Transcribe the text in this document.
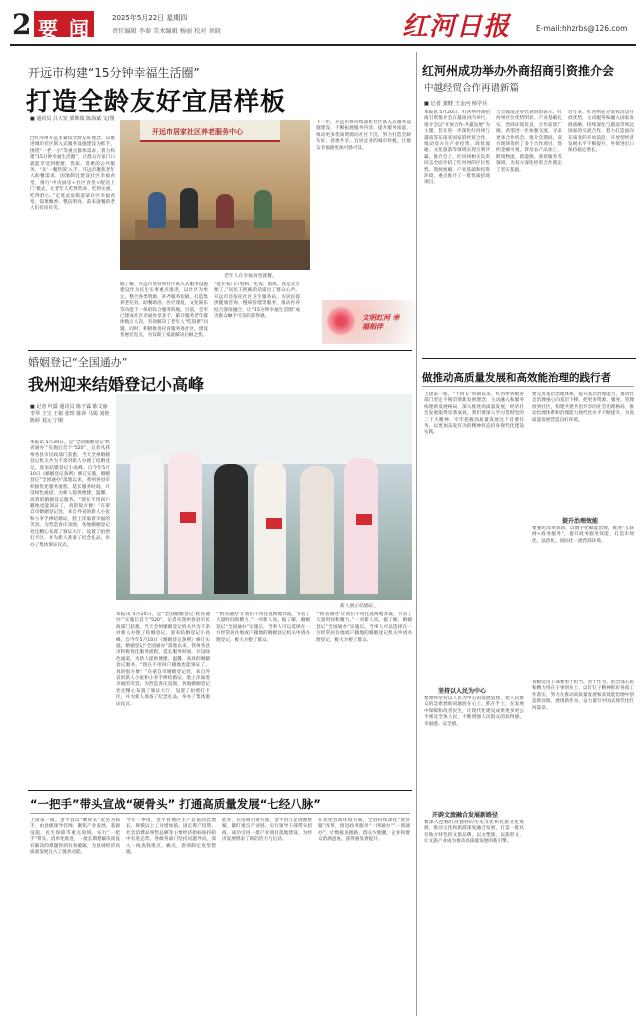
2 要 闻	2025年5月22日 星期四
责任编辑 李秦 美术编辑 杨丽 校对 刘晓	红河日报	E-mail:hhzrbs@126.com
开远市构建“15分钟幸福生活圈”
打造全龄友好宜居样板
■ 通讯员 吕大发 郭斯瑞 陈海斌 文/图
□红河州开远市紧扣全龄友好理念，以推进城市社区嵌入式服务设施建设为抓手，围绕“一老一小”等重点群体需求，着力构建“15分钟幸福生活圈”，让群众在家门口就能享受到便捷、优质、普惠的公共服务。“从‘一餐热饭’入手，开远市聚焦老年人助餐需求，因地制宜建设社区幸福食堂，推行‘中央厨房+社区食堂+配送上门’模式，让老年人吃得营养、吃得实惠、吃得舒心。”走进灵泉街道某社区幸福食堂，饭菜飘香、整洁明亮，前来就餐的老人们有说有笑。
开远市居家社区养老服务中心
老年人在幸福食堂就餐。
据了解，开远市坚持将社区嵌入式服务设施建设作为民生实事重点推进，以社区为单元，整合各类资源，补齐服务短板，打造集养老托育、助餐助浴、医疗康复、文化娱乐等功能于一体的综合服务阵地。目前，全市已建成社区幸福食堂多个，累计服务老年群体数万人次，有效解决了老年人“吃饭难”问题。同时，积极推进托育服务进社区，建设普惠托育点，为双职工家庭解决后顾之忧。
“能在家门口看病、吃饭、锻炼，真是太方便了。”居民王阿姨的话道出了群众心声。开远市还依托社区卫生服务站，为居民提供健康咨询、慢病管理等服务，推动医养结合深度融合，让“15分钟幸福生活圈”成为群众触手可及的获得感。
下一步，开远市将持续深化社区嵌入式服务设施建设，不断拓展服务内容、提升服务质量，推动更多优质资源向社区下沉，努力打造全龄友好、普惠共享、宜居宜业的城市样板，让群众幸福感更加可感可及。
文明红河 幸福相伴
婚姻登记“全国通办”
我州迎来结婚登记小高峰
■ 记者 叶露 通讯员 陈子霖 陈文丽 李琴 王宝 王铭 张煜 陈萍 马锐 刘艳 陈婷 刘元 宁刚
新人展示结婚证。
本报讯 5月20日，是“全国婚姻登记‘跨省通办’”实施后首个“520”，记者从我州各县市民政部门获悉，当天全州婚姻登记机关共为千余对新人办理了结婚登记，迎来结婚登记小高峰。自今年5月10日《婚姻登记条例》修订实施，婚姻登记“全国通办”落地以来，我州各县市积极优化服务流程，延长服务时间，开设绿色通道，为新人提供便捷、温馨、高效的婚姻登记服务。“现在不用回户籍地也能领证了，真的很方便！”在蒙自市婚姻登记处，来自外省的新人小张和小李手捧结婚证，脸上洋溢着幸福的笑容。为营造喜庆氛围，各地婚姻登记处还精心布置了颁证大厅，设置了拍照打卡区，并为新人准备了纪念礼品，举办了集体颁证仪式。
本报讯 5月20日，是“全国婚姻登记‘跨省通办’”实施后首个“520”，记者从我州各县市民政部门获悉，当天全州婚姻登记机关共为千余对新人办理了结婚登记，迎来结婚登记小高峰。自今年5月10日《婚姻登记条例》修订实施，婚姻登记“全国通办”落地以来，我州各县市积极优化服务流程，延长服务时间，开设绿色通道，为新人提供便捷、温馨、高效的婚姻登记服务。“现在不用回户籍地也能领证了，真的很方便！”在蒙自市婚姻登记处，来自外省的新人小张和小李手捧结婚证，脸上洋溢着幸福的笑容。为营造喜庆氛围，各地婚姻登记处还精心布置了颁证大厅，设置了拍照打卡区，并为新人准备了纪念礼品，举办了集体颁证仪式。
“‘跨省通办’让我们不用往返两地奔波，节省了大量时间和精力。”一对新人说。据了解，婚姻登记“全国通办”实施后，当事人可以选择在一方经常居住地或户籍地的婚姻登记机关申请办理登记，极大方便了群众。
“‘跨省通办’让我们不用往返两地奔波，节省了大量时间和精力。”一对新人说。据了解，婚姻登记“全国通办”实施后，当事人可以选择在一方经常居住地或户籍地的婚姻登记机关申请办理登记，极大方便了群众。
“一把手”带头宣战“硬骨头” 打通高质量发展“七经八脉”
上接第一版。金平县以“硬骨头”攻坚为抓手，由县级领导挂帅，聚焦产业发展、基础设施、民生保障等重点领域，实行“一把手”带头、清单化推进，一批长期想解决而没有解决的难题得到有效破解，为县域经济高质量发展注入了强劲动能。
今年一季度，金平县地区生产总值同比增长，规模以上工业增加值、固定资产投资、社会消费品零售总额等主要经济指标保持稳中有进态势。各级各部门坚持问题导向，深入一线查找堵点、痛点，逐项制定攻坚措施。
此外，在招商引资方面，金平县立足资源禀赋，紧盯重点产业链，实行领导干部带头招商，成功引进一批产业项目落地建设，为经济发展增添了新的活力与后劲。
在优化营商环境方面，全县持续深化“放管服”改革，推进政务服务“一网通办”“一窗通办”，让数据多跑路、群众少跑腿，企业和群众的满意度、获得感显著提升。
红河州成功举办外商招商引资推介会
中越经贸合作再谱新篇
■ 记者 龚健 王金河 杨学兵
本报讯 5月20日，红河州外商招商引资推介会在越南河内举行。推介会以“开放合作·共赢发展”为主题，旨在进一步深化红河州与越南等东南亚国家的经贸合作，推动双方在产业投资、商贸流通、文化旅游等领域实现互利共赢。推介会上，红河州相关负责同志全面介绍了红河州的区位优势、资源禀赋、产业基础和投资环境，重点推介了一批优质招商项目。
与会越南企业代表纷纷表示，红河州区位优势明显、产业基础扎实、营商环境优良，合作前景广阔，希望进一步加强交流，寻求更多合作机会。推介会期间，双方现场签约了多个合作项目，签约金额可观，涉及农产品加工、跨境物流、新能源、商贸服务等领域，为双方深化经贸合作奠定了坚实基础。
近年来，红河州充分发挥沿边开放优势，主动服务和融入国家发展战略，持续深化与越南等周边国家的交流合作，着力打造面向东南亚的开放前沿，开放型经济发展水平不断提升，外贸进出口保持稳定增长。
做推动高质量发展和高效能治理的践行者
上接第一版。“十四五”时期以来，红河州各级各部门坚定不移贯彻新发展理念，主动融入和服务构建新发展格局，深入推进高质量发展，经济社会发展取得显著成效。我们要深入学习贯彻党的二十大精神，牢牢把握高质量发展这个首要任务，以更加奋发有为的精神状态投身现代化建设实践。
坚持以人民为中心
要始终坚持以人民为中心的发展思想，把人民群众的急难愁盼问题放在心上、抓在手上，在发展中保障和改善民生，让现代化建设成果更多更公平惠及全体人民，不断增强人民群众的获得感、幸福感、安全感。
开辟文旅融合发展新路径
要深入挖掘红河独特的历史文化和民族文化资源，推动文化和旅游深度融合发展，打造一批具有地方特色的文旅品牌，以文塑旅、以旅彰文，让文旅产业成为推动高质量发展的新引擎。
要完善基层治理体系，提升基层治理能力，推动社会治理重心向基层下移，把更多资源、服务、管理放到社区，构建共建共治共享的社会治理格局，推动治理体系和治理能力现代化水平不断提升，为高质量发展营造良好环境。
提升治理效能
要强化改革创新，以数字化赋能治理，推进“互联网+政务服务”，提升政务服务效能，打造市场化、法治化、国际化一流营商环境。
各级党员干部要勇于担当、善于作为，把全部心思和精力用在干事创业上，以钉钉子精神抓好各项工作落实，努力在推动高质量发展和高效能治理中创造新业绩、展现新作为，奋力谱写中国式现代化红河篇章。
